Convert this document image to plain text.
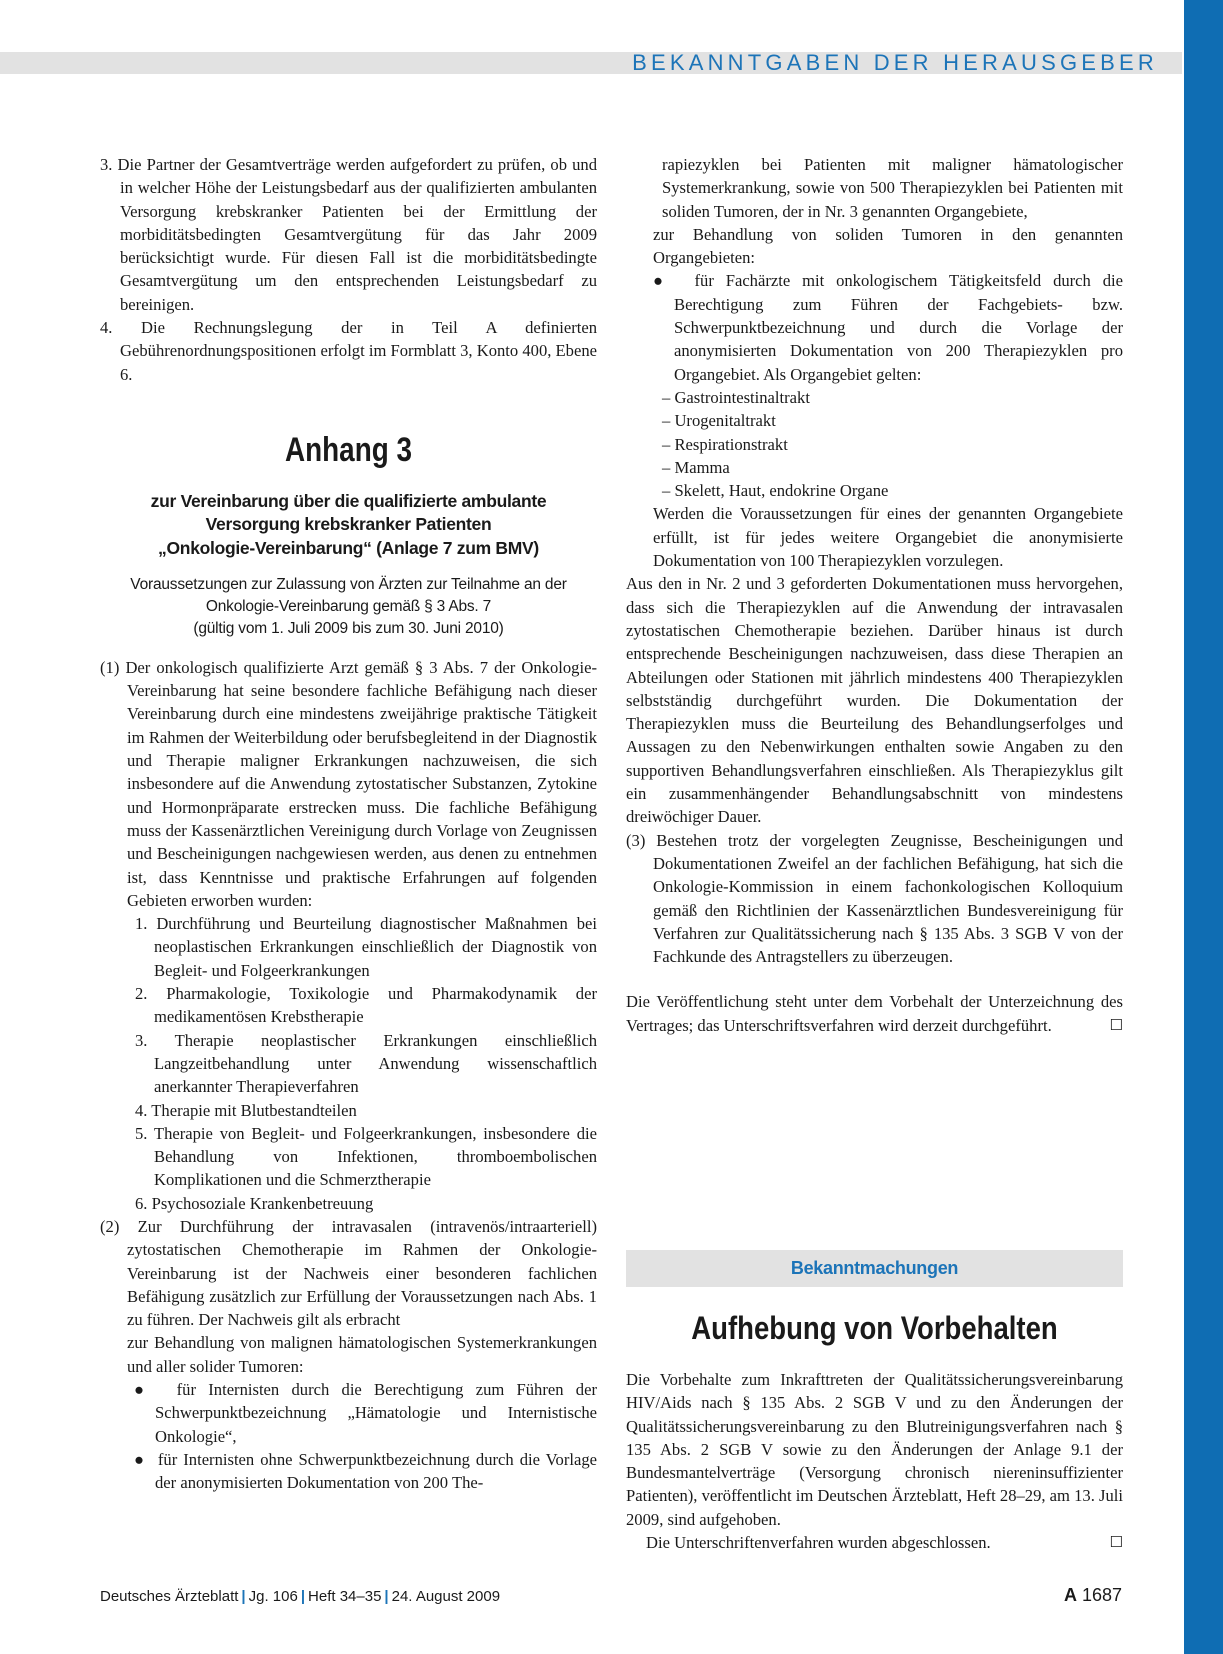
BEKANNTGABEN DER HERAUSGEBER

3. Die Partner der Gesamtverträge werden aufgefordert zu prüfen, ob und in welcher Höhe der Leistungsbedarf aus der qualifizierten ambulanten Versorgung krebskranker Patienten bei der Ermittlung der morbiditätsbedingten Gesamtvergütung für das Jahr 2009 berücksichtigt wurde. Für diesen Fall ist die morbiditätsbedingte Gesamtvergütung um den entsprechenden Leistungsbedarf zu bereinigen.

4. Die Rechnungslegung der in Teil A definierten Gebührenordnungspositionen erfolgt im Formblatt 3, Konto 400, Ebene 6.

Anhang 3
zur Vereinbarung über die qualifizierte ambulante
Versorgung krebskranker Patienten
„Onkologie-Vereinbarung“ (Anlage 7 zum BMV)
Voraussetzungen zur Zulassung von Ärzten zur Teilnahme an der
Onkologie-Vereinbarung gemäß § 3 Abs. 7
(gültig vom 1. Juli 2009 bis zum 30. Juni 2010)

(1) Der onkologisch qualifizierte Arzt gemäß § 3 Abs. 7 der Onkologie-Vereinbarung hat seine besondere fachliche Befähigung nach dieser Vereinbarung durch eine mindestens zweijährige praktische Tätigkeit im Rahmen der Weiterbildung oder berufsbegleitend in der Diagnostik und Therapie maligner Erkrankungen nachzuweisen, die sich insbesondere auf die Anwendung zytostatischer Substanzen, Zytokine und Hormonpräparate erstrecken muss. Die fachliche Befähigung muss der Kassenärztlichen Vereinigung durch Vorlage von Zeugnissen und Bescheinigungen nachgewiesen werden, aus denen zu entnehmen ist, dass Kenntnisse und praktische Erfahrungen auf folgenden Gebieten erworben wurden:

1. Durchführung und Beurteilung diagnostischer Maßnahmen bei neoplastischen Erkrankungen einschließlich der Diagnostik von Begleit- und Folgeerkrankungen

2. Pharmakologie, Toxikologie und Pharmakodynamik der medikamentösen Krebstherapie

3. Therapie neoplastischer Erkrankungen einschließlich Langzeitbehandlung unter Anwendung wissenschaftlich anerkannter Therapieverfahren

4. Therapie mit Blutbestandteilen

5. Therapie von Begleit- und Folgeerkrankungen, insbesondere die Behandlung von Infektionen, thromboembolischen Komplikationen und die Schmerztherapie

6. Psychosoziale Krankenbetreuung

(2) Zur Durchführung der intravasalen (intravenös/intraarteriell) zytostatischen Chemotherapie im Rahmen der Onkologie-Vereinbarung ist der Nachweis einer besonderen fachlichen Befähigung zusätzlich zur Erfüllung der Voraussetzungen nach Abs. 1 zu führen. Der Nachweis gilt als erbracht

zur Behandlung von malignen hämatologischen Systemerkrankungen und aller solider Tumoren:

●  für Internisten durch die Berechtigung zum Führen der Schwerpunktbezeichnung „Hämatologie und Internistische Onkologie“,

●  für Internisten ohne Schwerpunktbezeichnung durch die Vorlage der anonymisierten Dokumentation von 200 The-

rapiezyklen bei Patienten mit maligner hämatologischer Systemerkrankung, sowie von 500 Therapiezyklen bei Patienten mit soliden Tumoren, der in Nr. 3 genannten Organgebiete,

zur Behandlung von soliden Tumoren in den genannten Organgebieten:

●  für Fachärzte mit onkologischem Tätigkeitsfeld durch die Berechtigung zum Führen der Fachgebiets- bzw. Schwerpunktbezeichnung und durch die Vorlage der anonymisierten Dokumentation von 200 Therapiezyklen pro Organgebiet. Als Organgebiet gelten:

– Gastrointestinaltrakt

– Urogenitaltrakt

– Respirationstrakt

– Mamma

– Skelett, Haut, endokrine Organe

Werden die Voraussetzungen für eines der genannten Organgebiete erfüllt, ist für jedes weitere Organgebiet die anonymisierte Dokumentation von 100 Therapiezyklen vorzulegen.

Aus den in Nr. 2 und 3 geforderten Dokumentationen muss hervorgehen, dass sich die Therapiezyklen auf die Anwendung der intravasalen zytostatischen Chemotherapie beziehen. Darüber hinaus ist durch entsprechende Bescheinigungen nachzuweisen, dass diese Therapien an Abteilungen oder Stationen mit jährlich mindestens 400 Therapiezyklen selbstständig durchgeführt wurden. Die Dokumentation der Therapiezyklen muss die Beurteilung des Behandlungserfolges und Aussagen zu den Nebenwirkungen enthalten sowie Angaben zu den supportiven Behandlungsverfahren einschließen. Als Therapiezyklus gilt ein zusammenhängender Behandlungsabschnitt von mindestens dreiwöchiger Dauer.

(3) Bestehen trotz der vorgelegten Zeugnisse, Bescheinigungen und Dokumentationen Zweifel an der fachlichen Befähigung, hat sich die Onkologie-Kommission in einem fachonkologischen Kolloquium gemäß den Richtlinien der Kassenärztlichen Bundesvereinigung für Verfahren zur Qualitätssicherung nach § 135 Abs. 3 SGB V von der Fachkunde des Antragstellers zu überzeugen.

Die Veröffentlichung steht unter dem Vorbehalt der Unterzeichnung des Vertrages; das Unterschriftsverfahren wird derzeit durchgeführt.	☐

Bekanntmachungen
Aufhebung von Vorbehalten

Die Vorbehalte zum Inkrafttreten der Qualitätssicherungsvereinbarung HIV/Aids nach § 135 Abs. 2 SGB V und zu den Änderungen der Qualitätssicherungsvereinbarung zu den Blutreinigungsverfahren nach § 135 Abs. 2 SGB V sowie zu den Änderungen der Anlage 9.1 der Bundesmantelverträge (Versorgung chronisch niereninsuffizienter Patienten), veröffentlicht im Deutschen Ärzteblatt, Heft 28–29, am 13. Juli 2009, sind aufgehoben.

Die Unterschriftenverfahren wurden abgeschlossen.	☐

Deutsches Ärzteblatt | Jg. 106 | Heft 34–35 | 24. August 2009	A 1687
